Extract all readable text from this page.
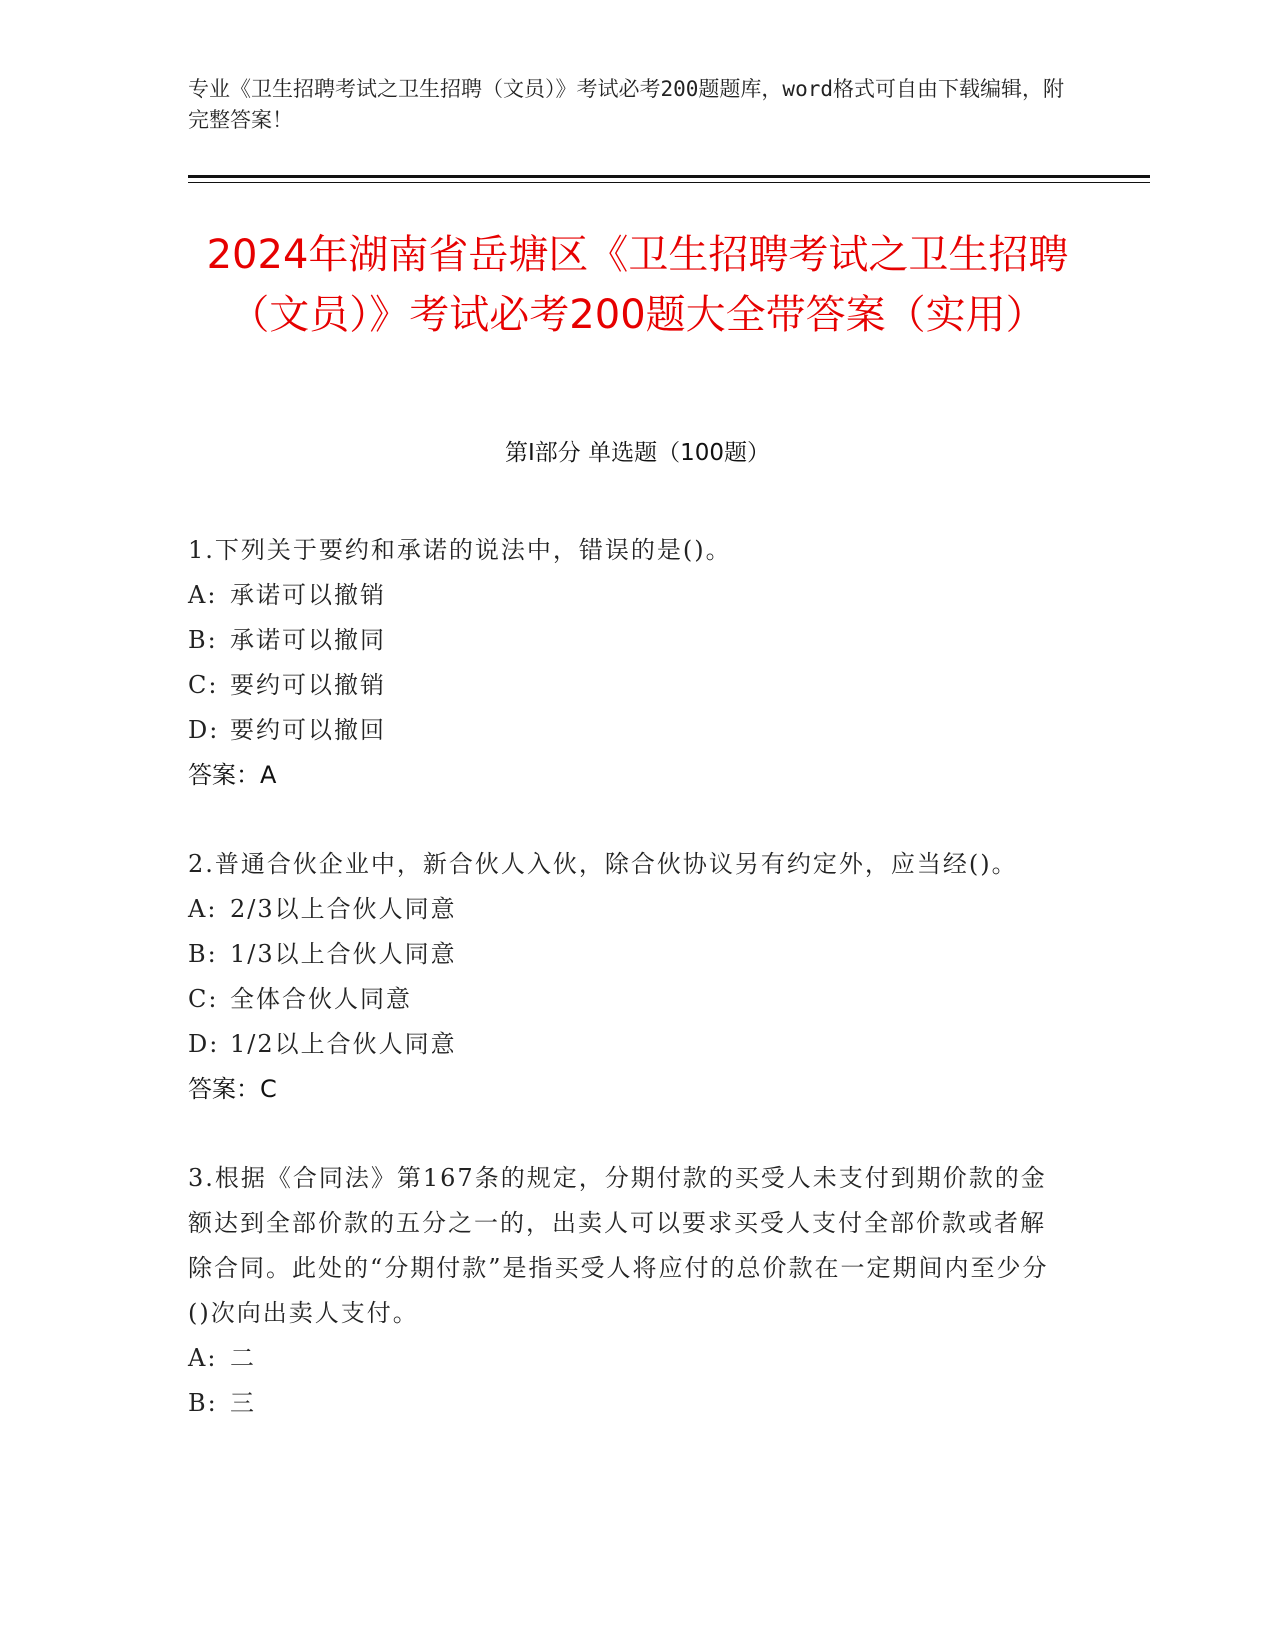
专业《卫生招聘考试之卫生招聘（文员）》考试必考200题题库，word格式可自由下载编辑，附完整答案！
2024年湖南省岳塘区《卫生招聘考试之卫生招聘（文员）》考试必考200题大全带答案（实用）
第I部分 单选题（100题）
1.下列关于要约和承诺的说法中，错误的是()。
A: 承诺可以撤销
B: 承诺可以撤同
C: 要约可以撤销
D: 要约可以撤回
答案：A
2.普通合伙企业中，新合伙人入伙，除合伙协议另有约定外，应当经()。
A: 2/3以上合伙人同意
B: 1/3以上合伙人同意
C: 全体合伙人同意
D: 1/2以上合伙人同意
答案：C
3.根据《合同法》第167条的规定，分期付款的买受人未支付到期价款的金额达到全部价款的五分之一的，出卖人可以要求买受人支付全部价款或者解除合同。此处的“分期付款”是指买受人将应付的总价款在一定期间内至少分()次向出卖人支付。
A: 二
B: 三
